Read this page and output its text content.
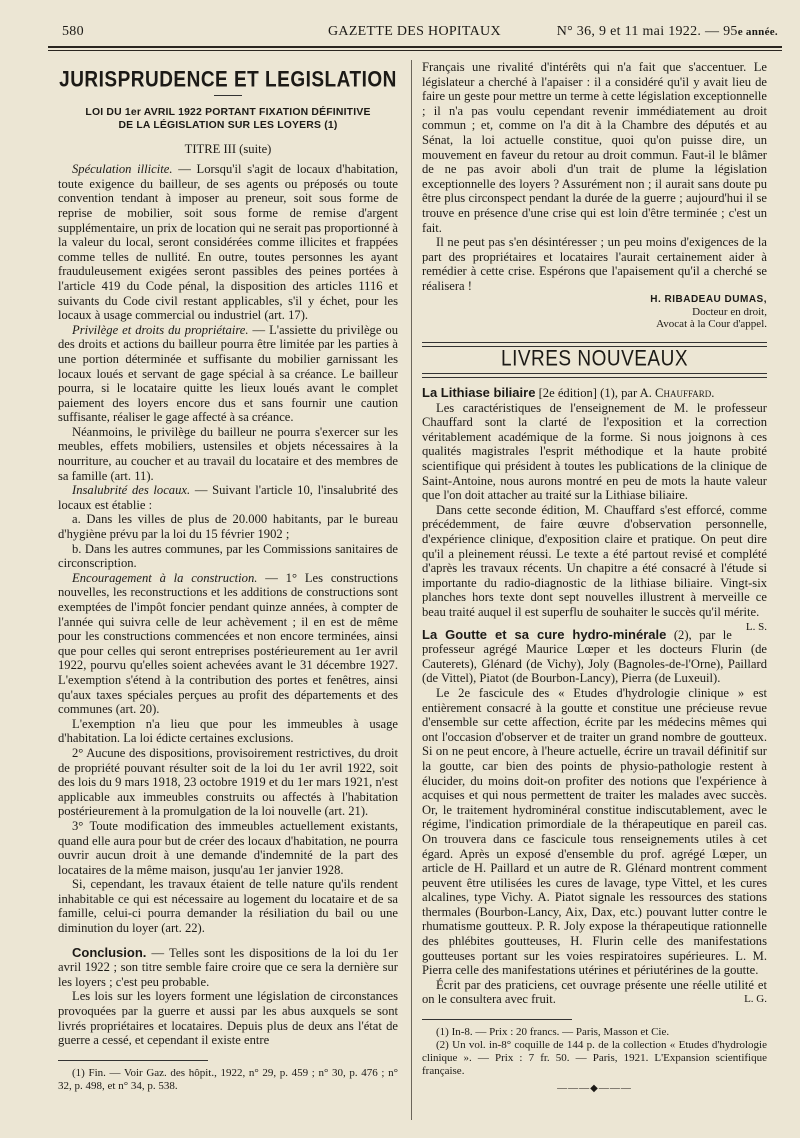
580	GAZETTE DES HOPITAUX	N° 36, 9 et 11 mai 1922. — 95e année.
JURISPRUDENCE ET LEGISLATION
LOI DU 1er AVRIL 1922 PORTANT FIXATION DÉFINITIVE
DE LA LÉGISLATION SUR LES LOYERS (1)
TITRE III (suite)

Spéculation illicite. — Lorsqu'il s'agit de locaux d'habitation, toute exigence du bailleur, de ses agents ou préposés ou toute convention tendant à imposer au preneur, soit sous forme de reprise de mobilier, soit sous forme de remise d'argent supplémentaire, un prix de location qui ne serait pas proportionné à la valeur du local, seront considérées comme illicites et frappées comme telles de nullité. En outre, toutes personnes les ayant frauduleusement exigées seront passibles des peines portées à l'article 419 du Code pénal, la disposition des articles 1116 et suivants du Code civil restant applicables, s'il y échet, pour les locaux à usage commercial ou industriel (art. 17).

Privilège et droits du propriétaire. — L'assiette du privilège ou des droits et actions du bailleur pourra être limitée par les parties à une portion déterminée et suffisante du mobilier garnissant les locaux loués et servant de gage spécial à sa créance. Le bailleur pourra, si le locataire quitte les lieux loués avant le complet paiement des loyers encore dus et sans fournir une caution suffisante, réaliser le gage affecté à sa créance.

Néanmoins, le privilège du bailleur ne pourra s'exercer sur les meubles, effets mobiliers, ustensiles et objets nécessaires à la nourriture, au coucher et au travail du locataire et des membres de sa famille (art. 11).

Insalubrité des locaux. — Suivant l'article 10, l'insalubrité des locaux est établie :

a. Dans les villes de plus de 20.000 habitants, par le bureau d'hygiène prévu par la loi du 15 février 1902 ;

b. Dans les autres communes, par les Commissions sanitaires de circonscription.

Encouragement à la construction. — 1° Les constructions nouvelles, les reconstructions et les additions de constructions sont exemptées de l'impôt foncier pendant quinze années, à compter de l'année qui suivra celle de leur achèvement ; il en est de même pour les constructions commencées et non encore terminées, ainsi que pour celles qui seront entreprises postérieurement au 1er avril 1922, pourvu qu'elles soient achevées avant le 31 décembre 1927. L'exemption s'étend à la contribution des portes et fenêtres, ainsi qu'aux taxes spéciales perçues au profit des départements et des communes (art. 20).

L'exemption n'a lieu que pour les immeubles à usage d'habitation. La loi édicte certaines exclusions.

2° Aucune des dispositions, provisoirement restrictives, du droit de propriété pouvant résulter soit de la loi du 1er avril 1922, soit des lois du 9 mars 1918, 23 octobre 1919 et du 1er mars 1921, n'est applicable aux immeubles construits ou affectés à l'habitation postérieurement à la promulgation de la loi nouvelle (art. 21).

3° Toute modification des immeubles actuellement existants, quand elle aura pour but de créer des locaux d'habitation, ne pourra ouvrir aucun droit à une demande d'indemnité de la part des locataires de la même maison, jusqu'au 1er janvier 1928.

Si, cependant, les travaux étaient de telle nature qu'ils rendent inhabitable ce qui est nécessaire au logement du locataire et de sa famille, celui-ci pourra demander la résiliation du bail ou une diminution du loyer (art. 22).

Conclusion. — Telles sont les dispositions de la loi du 1er avril 1922 ; son titre semble faire croire que ce sera la dernière sur les loyers ; c'est peu probable.

Les lois sur les loyers forment une législation de circonstances provoquées par la guerre et aussi par les abus auxquels se sont livrés propriétaires et locataires. Depuis plus de deux ans l'état de guerre a cessé, et cependant il existe entre

(1) Fin. — Voir Gaz. des hôpit., 1922, n° 29, p. 459 ; n° 30, p. 476 ; n° 32, p. 498, et n° 34, p. 538.

Français une rivalité d'intérêts qui n'a fait que s'accentuer. Le législateur a cherché à l'apaiser : il a considéré qu'il y avait lieu de faire un geste pour mettre un terme à cette législation exceptionnelle ; il n'a pas voulu cependant revenir immédiatement au droit commun ; et, comme on l'a dit à la Chambre des députés et au Sénat, la loi actuelle constitue, quoi qu'on puisse dire, un mouvement en faveur du retour au droit commun. Faut-il le blâmer de ne pas avoir aboli d'un trait de plume la législation exceptionnelle des loyers ? Assurément non ; il aurait sans doute pu être plus circonspect pendant la durée de la guerre ; aujourd'hui il se trouve en présence d'une crise qui est loin d'être terminée ; c'est un fait.

Il ne peut pas s'en désintéresser ; un peu moins d'exigences de la part des propriétaires et locataires l'aurait certainement aider à remédier à cette crise. Espérons que l'apaisement qu'il a cherché se réalisera !

H. RIBADEAU DUMAS,
Docteur en droit,
Avocat à la Cour d'appel.
LIVRES NOUVEAUX

La Lithiase biliaire [2e édition] (1), par A. Chauffard.

Les caractéristiques de l'enseignement de M. le professeur Chauffard sont la clarté de l'exposition et la correction véritablement académique de la forme. Si nous joignons à ces qualités magistrales l'esprit méthodique et la haute probité scientifique qui président à toutes les publications de la clinique de Saint-Antoine, nous aurons montré en peu de mots la haute valeur que l'on doit attacher au traité sur la Lithiase biliaire.

Dans cette seconde édition, M. Chauffard s'est efforcé, comme précédemment, de faire œuvre d'observation personnelle, d'expérience clinique, d'exposition claire et pratique. On peut dire qu'il a pleinement réussi. Le texte a été partout revisé et complété d'après les travaux récents. Un chapitre a été consacré à l'étude si importante du radio-diagnostic de la lithiase biliaire. Vingt-six planches hors texte dont sept nouvelles illustrent à merveille ce beau traité auquel il est superflu de souhaiter le succès qu'il mérite.
L. S.

La Goutte et sa cure hydro-minérale (2), par le professeur agrégé Maurice Lœper et les docteurs Flurin (de Cauterets), Glénard (de Vichy), Joly (Bagnoles-de-l'Orne), Paillard (de Vittel), Piatot (de Bourbon-Lancy), Pierra (de Luxeuil).

Le 2e fascicule des « Etudes d'hydrologie clinique » est entièrement consacré à la goutte et constitue une précieuse revue d'ensemble sur cette affection, écrite par les médecins mêmes qui ont l'occasion d'observer et de traiter un grand nombre de goutteux. Si on ne peut encore, à l'heure actuelle, écrire un travail définitif sur la goutte, car bien des points de physio-pathologie restent à élucider, du moins doit-on profiter des notions que l'expérience à acquises et qui nous permettent de traiter les malades avec succès. Or, le traitement hydrominéral constitue indiscutablement, avec le régime, l'indication primordiale de la thérapeutique en pareil cas. On trouvera dans ce fascicule tous renseignements utiles à cet égard. Après un exposé d'ensemble du prof. agrégé Lœper, un article de H. Paillard et un autre de R. Glénard montrent comment peuvent être utilisées les cures de lavage, type Vittel, et les cures alcalines, type Vichy. A. Piatot signale les ressources des stations thermales (Bourbon-Lancy, Aix, Dax, etc.) pouvant lutter contre le rhumatisme goutteux. P. R. Joly expose la thérapeutique rationnelle des phlébites goutteuses, H. Flurin celle des manifestations goutteuses portant sur les voies respiratoires supérieures. L. M. Pierra celle des manifestations utérines et périutérines de la goutte.

Écrit par des praticiens, cet ouvrage présente une réelle utilité et on le consultera avec fruit.	L. G.

(1) In-8. — Prix : 20 francs. — Paris, Masson et Cie.

(2) Un vol. in-8° coquille de 144 p. de la collection « Etudes d'hydrologie clinique ». — Prix : 7 fr. 50. — Paris, 1921. L'Expansion scientifique française.

———◆———
